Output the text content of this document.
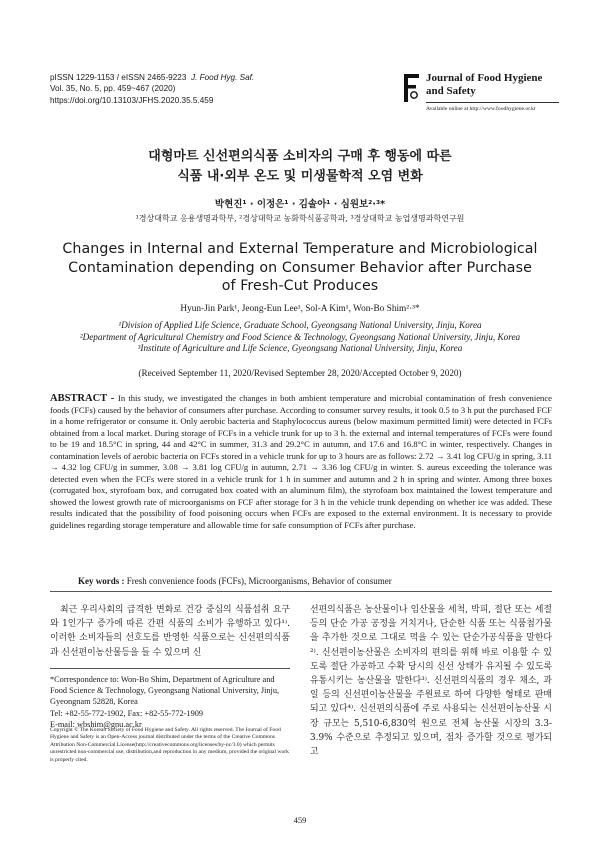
pISSN 1229-1153 / eISSN 2465-9223 J. Food Hyg. Saf.
Vol. 35, No. 5, pp. 459~467 (2020)
https://doi.org/10.13103/JFHS.2020.35.5.459
Journal of Food Hygiene
and Safety
Available online at http://www.foodhygiene.or.kr
대형마트 신선편의식품 소비자의 구매 후 행동에 따른
식품 내·외부 온도 및 미생물학적 오염 변화
박현진¹ · 이정은¹ · 김솔아¹ · 심원보²·³*
¹경상대학교 응용생명과학부, ²경상대학교 농화학식품공학과, ³경상대학교 농업생명과학연구원
Changes in Internal and External Temperature and Microbiological
Contamination depending on Consumer Behavior after Purchase
of Fresh-Cut Produces
Hyun-Jin Park¹, Jeong-Eun Lee¹, Sol-A Kim¹, Won-Bo Shim²·³*
¹Division of Applied Life Science, Graduate School, Gyeongsang National University, Jinju, Korea
²Department of Agricultural Chemistry and Food Science & Technology, Gyeongsang National University, Jinju, Korea
³Institute of Agriculture and Life Science, Gyeongsang National University, Jinju, Korea
(Received September 11, 2020/Revised September 28, 2020/Accepted October 9, 2020)
ABSTRACT - In this study, we investigated the changes in both ambient temperature and microbial contamination of fresh convenience foods (FCFs) caused by the behavior of consumers after purchase. According to consumer survey results, it took 0.5 to 3 h put the purchased FCF in a home refrigerator or consume it. Only aerobic bacteria and Staphylococcus aureus (below maximum permitted limit) were detected in FCFs obtained from a local market. During storage of FCFs in a vehicle trunk for up to 3 h. the external and internal temperatures of FCFs were found to be 19 and 18.5°C in spring, 44 and 42°C in summer, 31.3 and 29.2°C in autumn, and 17.6 and 16.8°C in winter, respectively. Changes in contamination levels of aerobic bacteria on FCFs stored in a vehicle trunk for up to 3 hours are as follows: 2.72 → 3.41 log CFU/g in spring, 3.11 → 4.32 log CFU/g in summer, 3.08 → 3.81 log CFU/g in autumn, 2.71 → 3.36 log CFU/g in winter. S. aureus exceeding the tolerance was detected even when the FCFs were stored in a vehicle trunk for 1 h in summer and autumn and 2 h in spring and winter. Among three boxes (corrugated box, styrofoam box, and corrugated box coated with an aluminum film), the styrofoam box maintained the lowest temperature and showed the lowest growth rate of microorganisms on FCF after storage for 3 h in the vehicle trunk depending on whether ice was added. These results indicated that the possibility of food poisoning occurs when FCFs are exposed to the external environment. It is necessary to provide guidelines regarding storage temperature and allowable time for safe consumption of FCFs after purchase.
Key words : Fresh convenience foods (FCFs), Microorganisms, Behavior of consumer
최근 우리사회의 급격한 변화로 건강 중심의 식품섭취 요구와 1인가구 증가에 따른 간편 식품의 소비가 유행하고 있다¹⁾. 이러한 소비자들의 선호도를 반영한 식품으로는 신선편의식품과 신선편이농산물등을 들 수 있으며 신
선편의식품은 농산물이나 임산물을 세척, 박피, 절단 또는 세절 등의 단순 가공 공정을 거치거나, 단순한 식품 또는 식품첨가물을 추가한 것으로 그대로 먹을 수 있는 단순가공식품을 말한다²⁾. 신선편이농산물은 소비자의 편의를 위해 바로 이용할 수 있도록 절단 가공하고 수확 당시의 신선 상태가 유지될 수 있도록 유통시키는 농산물을 말한다³⁾. 신선편의식품의 경우 채소, 과일 등의 신선편이농산물을 주원료로 하여 다양한 형태로 판매되고 있다⁴⁾. 신선편의식품에 주로 사용되는 신선편이농산물 시장 규모는 5,510-6,830억 원으로 전체 농산물 시장의 3.3-3.9% 수준으로 추정되고 있으며, 점차 증가할 것으로 평가되고
*Correspondence to: Won-Bo Shim, Department of Agriculture and Food Science & Technology, Gyeongsang National University, Jinju, Gyeongnam 52828, Korea
Tel: +82-55-772-1902, Fax: +82-55-772-1909
E-mail: wbshim@gnu.ac.kr
Copyright © The Korean Society of Food Hygiene and Safety. All rights reserved. The Journal of Food Hygiene and Safety is an Open-Access journal distributed under the terms of the Creative Commons Attribution Non-Commercial License(http://creativecommons.org/licenses/by-nc/3.0) which permits unrestricted non-commercial use, distribution,and reproduction in any medium, provided the original work is properly cited.
459
